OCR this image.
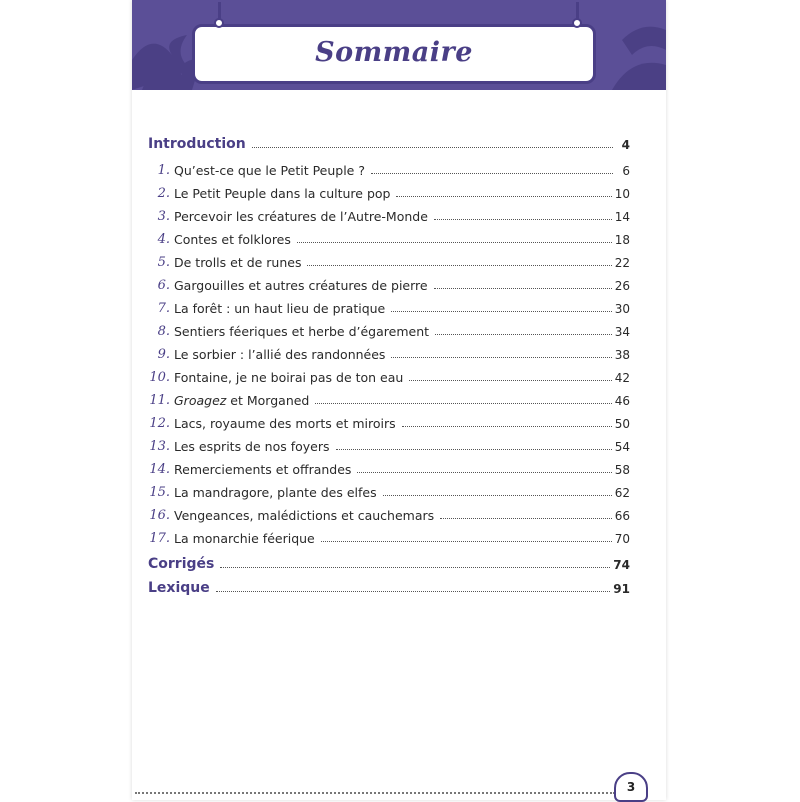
Sommaire
Introduction	4
1. Qu’est-ce que le Petit Peuple ?	6
2. Le Petit Peuple dans la culture pop	10
3. Percevoir les créatures de l’Autre-Monde	14
4. Contes et folklores	18
5. De trolls et de runes	22
6. Gargouilles et autres créatures de pierre	26
7. La forêt : un haut lieu de pratique	30
8. Sentiers féeriques et herbe d’égarement	34
9. Le sorbier : l’allié des randonnées	38
10. Fontaine, je ne boirai pas de ton eau	42
11. Groagez et Morganed	46
12. Lacs, royaume des morts et miroirs	50
13. Les esprits de nos foyers	54
14. Remerciements et offrandes	58
15. La mandragore, plante des elfes	62
16. Vengeances, malédictions et cauchemars	66
17. La monarchie féerique	70
Corrigés	74
Lexique	91
3
